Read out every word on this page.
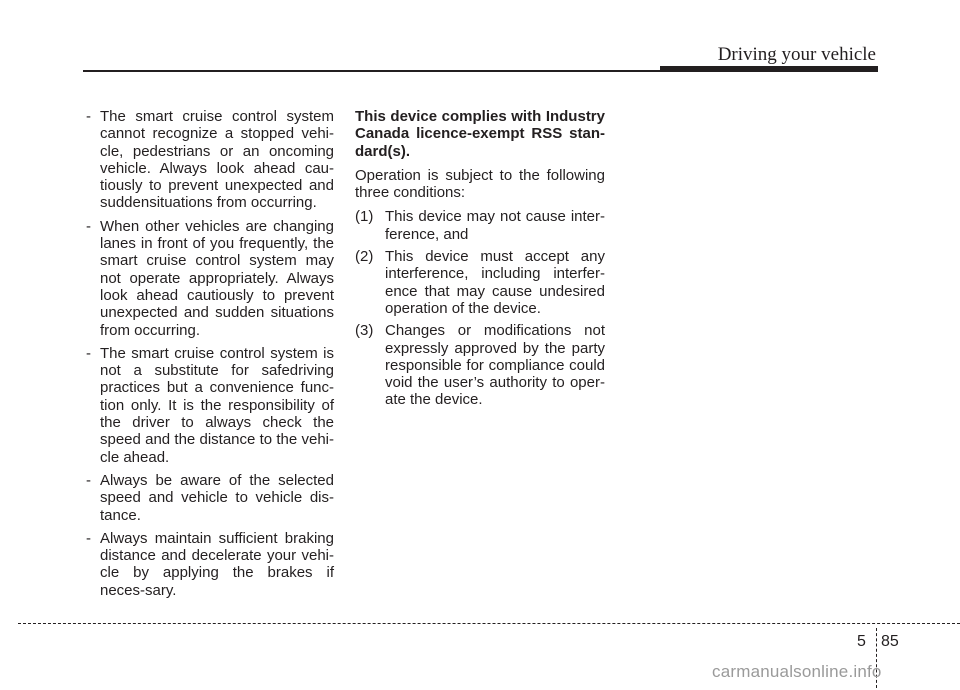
Driving your vehicle
- The smart cruise control system cannot recognize a stopped vehi-cle, pedestrians or an oncoming vehicle. Always look ahead cau-tiously to prevent unexpected and suddensituations from occurring.
- When other vehicles are changing lanes in front of you frequently, the smart cruise control system may not operate appropriately. Always look ahead cautiously to prevent unexpected and sudden situations from occurring.
- The smart cruise control system is not a substitute for safedriving practices but a convenience func-tion only. It is the responsibility of the driver to always check the speed and the distance to the vehi-cle ahead.
- Always be aware of the selected speed and vehicle to vehicle dis-tance.
- Always maintain sufficient braking distance and decelerate your vehi-cle by applying the brakes if neces-sary.

This device complies with Industry Canada licence-exempt RSS stan-dard(s).

Operation is subject to the following three conditions:

(1) This device may not cause inter-ference, and
(2) This device must accept any interference, including interfer-ence that may cause undesired operation of the device.
(3) Changes or modifications not expressly approved by the party responsible for compliance could void the user’s authority to oper-ate the device.
5 85
carmanualsonline.info
